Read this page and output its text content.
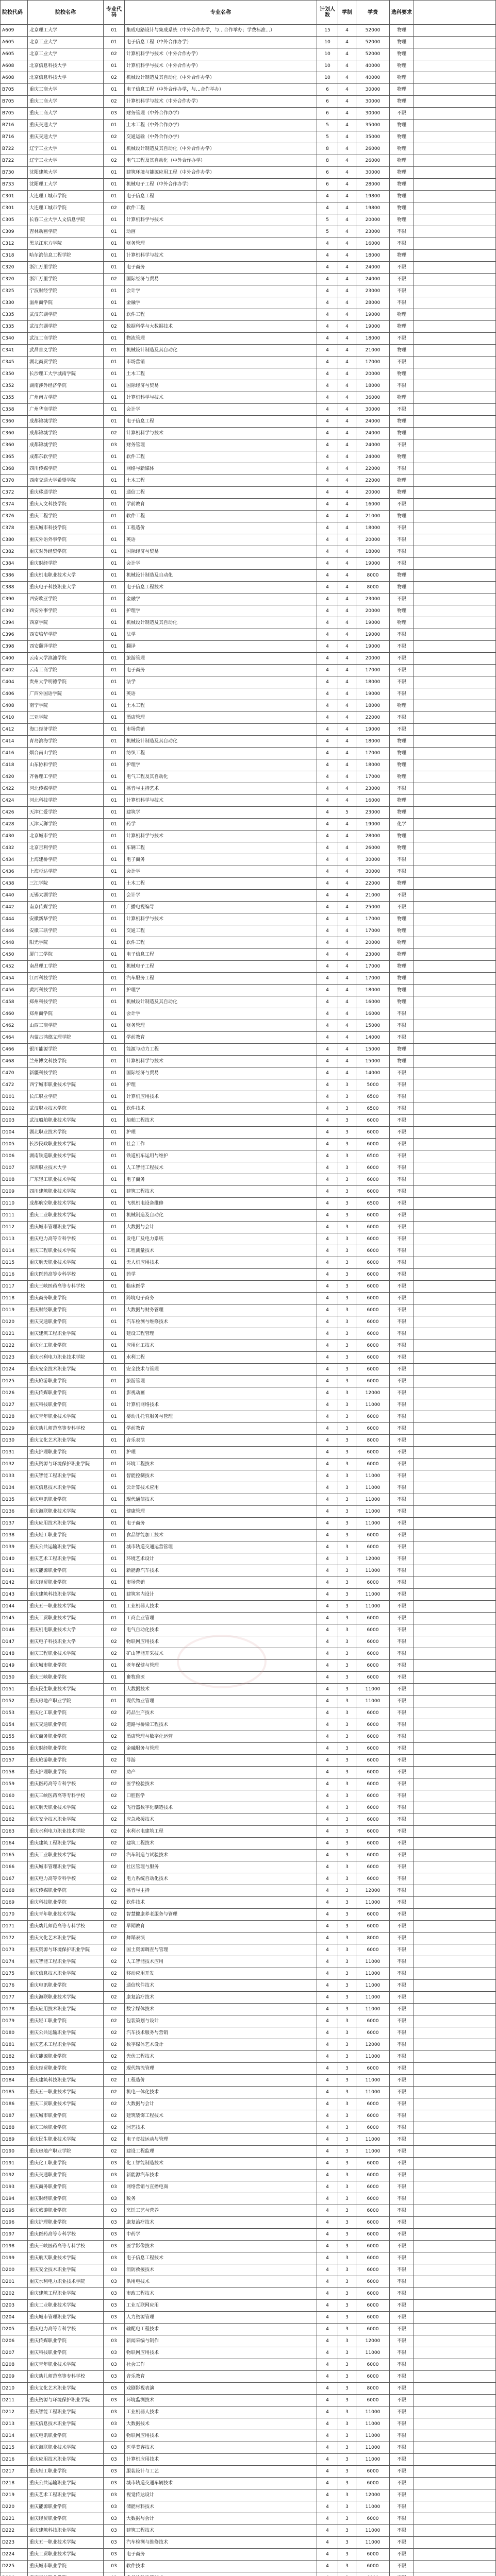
院校代码	院校名称	专业代码	专业名称	计划人数	学制	学费	选科要求	
A609	北京理工大学	01	集成电路设计与集成系统（中外合作办学，与…合作举办；学费标准…）	15	4	52000	物理	
A605	北京工业大学	01	电子信息工程（中外合作办学）	10	4	52000	物理	
A605	北京工业大学	02	计算机科学与技术（中外合作办学）	10	4	52000	物理	
A608	北京信息科技大学	01	计算机科学与技术（中外合作办学）	10	4	40000	物理	
A608	北京信息科技大学	02	机械设计制造及其自动化（中外合作办学）	10	4	40000	物理	
B705	重庆工商大学	01	电子信息工程（中外合作办学，与…合作举办）	6	4	30000	物理	
B705	重庆工商大学	02	计算机科学与技术（中外合作办学）	6	4	30000	物理	
B705	重庆工商大学	03	财务管理（中外合作办学）	6	4	30000	不限	
B716	重庆交通大学	01	土木工程（中外合作办学）	5	4	35000	物理	
B716	重庆交通大学	02	交通运输（中外合作办学）	5	4	35000	物理	
B722	辽宁工业大学	01	机械设计制造及其自动化（中外合作办学）	8	4	26000	物理	
B722	辽宁工业大学	02	电气工程及其自动化（中外合作办学）	8	4	26000	物理	
B730	沈阳建筑大学	01	建筑环境与能源应用工程（中外合作办学）	6	4	30000	物理	
B733	沈阳理工大学	01	机械电子工程（中外合作办学）	6	4	28000	物理	
C301	大连理工城市学院	01	电子信息工程	4	4	19800	物理	
C301	大连理工城市学院	02	软件工程	4	4	19800	物理	
C305	长春工业大学人文信息学院	01	计算机科学与技术	5	4	20000	物理	
C309	吉林动画学院	01	动画	5	4	23000	不限	
C312	黑龙江东方学院	01	财务管理	4	4	16000	不限	
C318	哈尔滨信息工程学院	01	计算机科学与技术	4	4	18000	物理	
C320	浙江万里学院	01	电子商务	4	4	24000	不限	
C320	浙江万里学院	02	国际经济与贸易	4	4	24000	不限	
C325	宁波财经学院	01	会计学	4	4	23000	不限	
C330	温州商学院	01	金融学	4	4	28000	不限	
C335	武汉东湖学院	01	软件工程	4	4	19000	物理	
C335	武汉东湖学院	02	数据科学与大数据技术	4	4	19000	物理	
C340	武汉工商学院	01	物流管理	4	4	18000	不限	
C341	武昌首义学院	01	机械设计制造及其自动化	4	4	21000	物理	
C345	湖北商贸学院	01	市场营销	4	4	17000	不限	
C350	长沙理工大学城南学院	01	土木工程	4	4	20000	物理	
C352	湖南涉外经济学院	01	国际经济与贸易	4	4	18000	不限	
C355	广州南方学院	01	计算机科学与技术	4	4	36000	物理	
C358	广州华商学院	01	会计学	4	4	30000	不限	
C360	成都锦城学院	01	电子信息工程	4	4	24000	物理	
C360	成都锦城学院	02	计算机科学与技术	4	4	24000	物理	
C360	成都锦城学院	03	财务管理	4	4	24000	不限	
C365	成都东软学院	01	软件工程	4	4	24000	物理	
C368	四川传媒学院	01	网络与新媒体	4	4	22000	不限	
C370	西南交通大学希望学院	01	土木工程	4	4	22000	物理	
C372	重庆移通学院	01	通信工程	4	4	20000	物理	
C374	重庆人文科技学院	01	学前教育	4	4	16000	不限	
C376	重庆工程学院	01	软件工程	4	4	21000	物理	
C378	重庆城市科技学院	01	工程造价	4	4	18000	不限	
C380	重庆外语外事学院	01	英语	4	4	20000	不限	
C382	重庆对外经贸学院	01	国际经济与贸易	4	4	18000	不限	
C384	重庆财经学院	01	会计学	4	4	19000	不限	
C386	重庆机电职业技术大学	01	机械设计制造及自动化	4	4	8000	物理	
C388	重庆电子科技职业大学	01	电子信息工程技术	4	4	8000	物理	
C390	西安欧亚学院	01	金融学	4	4	23000	不限	
C392	西安外事学院	01	护理学	4	4	20000	物理	
C394	西京学院	01	机械设计制造及其自动化	4	4	19000	物理	
C396	西安培华学院	01	法学	4	4	19000	不限	
C398	西安翻译学院	01	翻译	4	4	19000	不限	
C400	云南大学滇池学院	01	旅游管理	4	4	20000	不限	
C402	云南工商学院	01	电子商务	4	4	17000	不限	
C404	贵州大学明德学院	01	法学	4	4	18000	不限	
C406	广西外国语学院	01	英语	4	4	19000	不限	
C408	南宁学院	01	土木工程	4	4	18000	物理	
C410	三亚学院	01	酒店管理	4	4	22000	不限	
C412	海口经济学院	01	市场营销	4	4	19000	不限	
C414	青岛滨海学院	01	机械设计制造及其自动化	4	4	18000	物理	
C416	烟台南山学院	01	纺织工程	4	4	17000	物理	
C418	山东协和学院	01	护理学	4	4	18000	物理	
C420	齐鲁理工学院	01	电气工程及其自动化	4	4	17000	物理	
C422	河北传媒学院	01	播音与主持艺术	4	4	23000	不限	
C424	河北科技学院	01	计算机科学与技术	4	4	16000	物理	
C426	天津仁爱学院	01	建筑学	4	5	23000	物理	
C428	天津天狮学院	01	药学	4	4	19000	化学	
C430	北京城市学院	01	计算机科学与技术	4	4	28000	物理	
C432	北京吉利学院	01	车辆工程	4	4	26000	物理	
C434	上海建桥学院	01	电子商务	4	4	30000	不限	
C436	上海杉达学院	01	会计学	4	4	30000	不限	
C438	三江学院	01	土木工程	4	4	22000	物理	
C440	无锡太湖学院	01	会计学	4	4	21000	不限	
C442	南京传媒学院	01	广播电视编导	4	4	25000	不限	
C444	安徽新华学院	01	计算机科学与技术	4	4	17000	物理	
C446	安徽三联学院	01	交通工程	4	4	17000	物理	
C448	阳光学院	01	软件工程	4	4	20000	物理	
C450	厦门工学院	01	电子信息工程	4	4	23000	物理	
C452	南昌理工学院	01	机械电子工程	4	4	17000	物理	
C454	江西科技学院	01	汽车服务工程	4	4	17000	物理	
C456	黄河科技学院	01	护理学	4	4	18000	物理	
C458	郑州科技学院	01	机械设计制造及其自动化	4	4	16000	物理	
C460	郑州商学院	01	会计学	4	4	16000	不限	
C462	山西工商学院	01	财务管理	4	4	15000	不限	
C464	内蒙古鸿德文理学院	01	学前教育	4	4	14000	不限	
C466	银川能源学院	01	能源与动力工程	4	4	15000	物理	
C468	兰州博文科技学院	01	计算机科学与技术	4	4	15000	物理	
C470	新疆科技学院	01	国际经济与贸易	4	4	14000	不限	
C472	西宁城市职业技术学院	01	护理	4	3	5000	不限	
D101	长江职业学院	01	计算机应用技术	4	3	6500	不限	
D102	武汉职业技术学院	01	软件技术	4	3	6500	不限	
D103	武汉船舶职业技术学院	01	船舶工程技术	4	3	6000	不限	
D104	湖北职业技术学院	01	护理	4	3	6000	不限	
D105	长沙民政职业技术学院	01	社会工作	4	3	6000	不限	
D106	湖南铁道职业技术学院	01	铁道机车运用与维护	4	3	6500	不限	
D107	深圳职业技术大学	01	人工智能工程技术	4	3	6000	不限	
D108	广东轻工职业技术学院	01	电子商务	4	3	6000	不限	
D109	四川建筑职业技术学院	01	建筑工程技术	4	3	6000	不限	
D110	成都航空职业技术学院	01	飞机机电设备维修	4	3	6500	不限	
D111	重庆工业职业技术学院	01	机械制造及自动化	4	3	6000	不限	
D112	重庆城市管理职业学院	01	大数据与会计	4	3	6000	不限	
D113	重庆电力高等专科学校	01	发电厂及电力系统	4	3	6000	不限	
D114	重庆工程职业技术学院	01	工程测量技术	4	3	6000	不限	
D115	重庆航天职业技术学院	01	无人机应用技术	4	3	6000	不限	
D116	重庆医药高等专科学校	01	药学	4	3	6000	不限	
D117	重庆三峡医药高等专科学校	01	临床医学	4	3	6000	不限	
D118	重庆商务职业学院	01	跨境电子商务	4	3	6000	不限	
D119	重庆财经职业学院	01	大数据与财务管理	4	3	6000	不限	
D120	重庆交通职业学院	01	汽车检测与维修技术	4	3	6000	不限	
D121	重庆建筑工程职业学院	01	建设工程管理	4	3	6000	不限	
D122	重庆化工职业学院	01	应用化工技术	4	3	6000	不限	
D123	重庆水利电力职业技术学院	01	水利工程	4	3	6000	不限	
D124	重庆安全技术职业学院	01	安全技术与管理	4	3	6000	不限	
D125	重庆旅游职业学院	01	旅游管理	4	3	6000	不限	
D126	重庆传媒职业学院	01	影视动画	4	3	12000	不限	
D127	重庆科技职业学院	01	计算机网络技术	4	3	11000	不限	
D128	重庆青年职业技术学院	01	婴幼儿托育服务与管理	4	3	6000	不限	
D129	重庆幼儿师范高等专科学校	01	学前教育	4	3	6000	不限	
D130	重庆文化艺术职业学院	01	音乐表演	4	3	8000	不限	
D131	重庆护理职业学院	01	护理	4	3	6000	不限	
D132	重庆资源与环境保护职业学院	01	环境工程技术	4	3	6000	不限	
D133	重庆智能工程职业学院	01	智能控制技术	4	3	11000	不限	
D134	重庆信息技术职业学院	01	云计算技术应用	4	3	11000	不限	
D135	重庆电讯职业学院	01	现代通信技术	4	3	11000	不限	
D136	重庆海联职业技术学院	01	健康管理	4	3	11000	不限	
D137	重庆应用技术职业学院	01	电子商务	4	3	11000	不限	
D138	重庆轻工职业学院	01	食品智能加工技术	4	3	6000	不限	
D139	重庆公共运输职业学院	01	城市轨道交通运营管理	4	3	6000	不限	
D140	重庆艺术工程职业学院	01	环境艺术设计	4	3	12000	不限	
D141	重庆能源职业学院	01	新能源汽车技术	4	3	11000	不限	
D142	重庆经贸职业学院	01	市场营销	4	3	6000	不限	
D143	重庆建筑科技职业学院	01	建筑室内设计	4	3	11000	不限	
D144	重庆五一职业技术学院	01	工业机器人技术	4	3	11000	不限	
D145	重庆工贸职业技术学院	01	工商企业管理	4	3	6000	不限	
D146	重庆机电职业技术大学	02	电气自动化技术	4	3	6000	不限	
D147	重庆电子科技职业大学	02	物联网应用技术	4	3	6000	不限	
D148	重庆工程职业技术学院	02	矿山智能开采技术	4	3	6000	不限	
D149	重庆城市职业学院	01	老年保健与管理	4	3	6000	不限	
D150	重庆三峡职业学院	01	畜牧兽医	4	3	6000	不限	
D151	重庆民生职业技术学院	01	大数据技术	4	3	11000	不限	
D152	重庆房地产职业学院	01	现代物业管理	4	3	11000	不限	
D153	重庆化工职业学院	02	药品生产技术	4	3	6000	不限	
D154	重庆交通职业学院	02	道路与桥梁工程技术	4	3	6000	不限	
D155	重庆商务职业学院	02	酒店管理与数字化运营	4	3	6000	不限	
D156	重庆财经职业学院	02	金融服务与管理	4	3	6000	不限	
D157	重庆旅游职业学院	02	导游	4	3	6000	不限	
D158	重庆护理职业学院	02	助产	4	3	6000	不限	
D159	重庆医药高等专科学校	02	医学检验技术	4	3	6000	不限	
D160	重庆三峡医药高等专科学校	02	口腔医学	4	3	6000	不限	
D161	重庆航天职业技术学院	02	飞行器数字化制造技术	4	3	6000	不限	
D162	重庆安全技术职业学院	02	应急救援技术	4	3	6000	不限	
D163	重庆水利电力职业技术学院	02	水利水电建筑工程	4	3	6000	不限	
D164	重庆建筑工程职业学院	02	建筑工程技术	4	3	6000	不限	
D165	重庆工业职业技术学院	02	汽车制造与试验技术	4	3	6000	不限	
D166	重庆城市管理职业学院	02	社区管理与服务	4	3	6000	不限	
D167	重庆电力高等专科学校	02	电力系统自动化技术	4	3	6000	不限	
D168	重庆传媒职业学院	02	播音与主持	4	3	12000	不限	
D169	重庆科技职业学院	02	软件技术	4	3	11000	不限	
D170	重庆青年职业技术学院	02	智慧健康养老服务与管理	4	3	6000	不限	
D171	重庆幼儿师范高等专科学校	02	早期教育	4	3	6000	不限	
D172	重庆文化艺术职业学院	02	舞蹈表演	4	3	8000	不限	
D173	重庆资源与环境保护职业学院	02	国土资源调查与管理	4	3	6000	不限	
D174	重庆智能工程职业学院	02	人工智能技术应用	4	3	11000	不限	
D175	重庆信息技术职业学院	02	移动应用开发	4	3	11000	不限	
D176	重庆电讯职业学院	02	通信软件技术	4	3	11000	不限	
D177	重庆海联职业技术学院	02	康复治疗技术	4	3	11000	不限	
D178	重庆应用技术职业学院	02	数字媒体技术	4	3	11000	不限	
D179	重庆轻工职业学院	02	包装策划与设计	4	3	6000	不限	
D180	重庆公共运输职业学院	02	汽车技术服务与营销	4	3	6000	不限	
D181	重庆艺术工程职业学院	02	数字媒体艺术设计	4	3	12000	不限	
D182	重庆能源职业学院	02	光伏工程技术	4	3	11000	不限	
D183	重庆经贸职业学院	02	现代物流管理	4	3	6000	不限	
D184	重庆建筑科技职业学院	02	工程造价	4	3	11000	不限	
D185	重庆五一职业技术学院	02	机电一体化技术	4	3	11000	不限	
D186	重庆工贸职业技术学院	02	大数据与会计	4	3	6000	不限	
D187	重庆城市职业学院	02	建筑装饰工程技术	4	3	6000	不限	
D188	重庆三峡职业学院	02	园艺技术	4	3	6000	不限	
D189	重庆民生职业技术学院	02	电子竞技运动与管理	4	3	11000	不限	
D190	重庆房地产职业学院	02	建设工程监理	4	3	11000	不限	
D191	重庆化工职业学院	03	化工智能制造技术	4	3	6000	不限	
D192	重庆交通职业学院	03	新能源汽车技术	4	3	6000	不限	
D193	重庆商务职业学院	03	网络营销与直播电商	4	3	6000	不限	
D194	重庆财经职业学院	03	税务	4	3	6000	不限	
D195	重庆旅游职业学院	03	烹饪工艺与营养	4	3	6000	不限	
D196	重庆护理职业学院	03	康复治疗技术	4	3	6000	不限	
D197	重庆医药高等专科学校	03	中药学	4	3	6000	不限	
D198	重庆三峡医药高等专科学校	03	医学影像技术	4	3	6000	不限	
D199	重庆航天职业技术学院	03	电子信息工程技术	4	3	6000	不限	
D200	重庆安全技术职业学院	03	消防救援技术	4	3	6000	不限	
D201	重庆水利电力职业技术学院	03	供用电技术	4	3	6000	不限	
D202	重庆建筑工程职业学院	03	市政工程技术	4	3	6000	不限	
D203	重庆工业职业技术学院	03	工业互联网应用	4	3	6000	不限	
D204	重庆城市管理职业学院	03	人力资源管理	4	3	6000	不限	
D205	重庆电力高等专科学校	03	输配电工程技术	4	3	6000	不限	
D206	重庆传媒职业学院	03	新闻采编与制作	4	3	12000	不限	
D207	重庆科技职业学院	03	物联网应用技术	4	3	11000	不限	
D208	重庆青年职业技术学院	03	社会工作	4	3	6000	不限	
D209	重庆幼儿师范高等专科学校	03	音乐教育	4	3	6000	不限	
D210	重庆文化艺术职业学院	03	戏剧影视表演	4	3	8000	不限	
D211	重庆资源与环境保护职业学院	03	环境监测技术	4	3	6000	不限	
D212	重庆智能工程职业学院	03	工业机器人技术	4	3	11000	不限	
D213	重庆信息技术职业学院	03	大数据技术	4	3	11000	不限	
D214	重庆电讯职业学院	03	物联网应用技术	4	3	11000	不限	
D215	重庆海联职业技术学院	03	医学美容技术	4	3	11000	不限	
D216	重庆应用技术职业学院	03	计算机应用技术	4	3	11000	不限	
D217	重庆轻工职业学院	03	服装设计与工艺	4	3	6000	不限	
D218	重庆公共运输职业学院	03	城市轨道交通车辆技术	4	3	6000	不限	
D219	重庆艺术工程职业学院	03	视觉传达设计	4	3	12000	不限	
D220	重庆能源职业学院	03	储能材料技术	4	3	11000	不限	
D221	重庆经贸职业学院	03	大数据与会计	4	3	6000	不限	
D222	重庆建筑科技职业学院	03	建筑工程技术	4	3	11000	不限	
D223	重庆五一职业技术学院	03	汽车检测与维修技术	4	3	11000	不限	
D224	重庆工贸职业技术学院	03	电子商务	4	3	6000	不限	
D225	重庆城市职业学院	03	软件技术	4	3	6000	不限	
